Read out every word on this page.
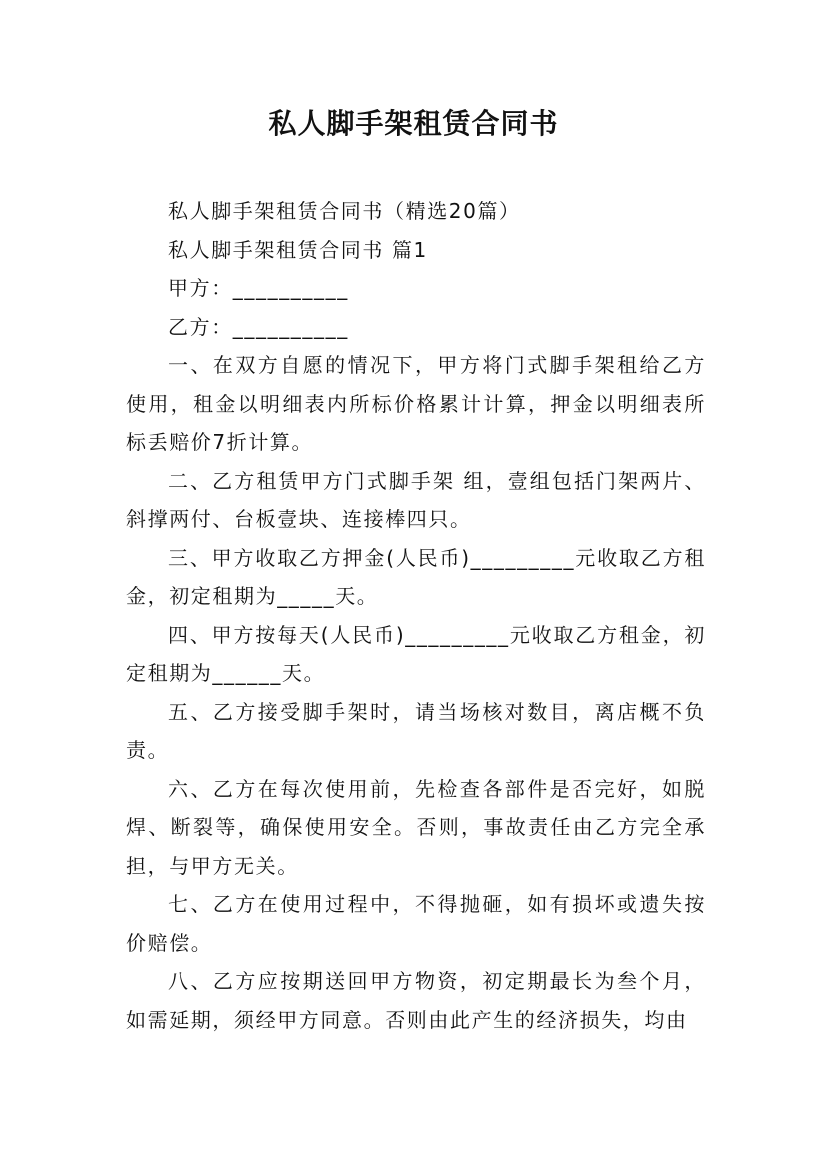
私人脚手架租赁合同书

私人脚手架租赁合同书（精选20篇）

私人脚手架租赁合同书 篇1

甲方：__________

乙方：__________

一、在双方自愿的情况下，甲方将门式脚手架租给乙方使用，租金以明细表内所标价格累计计算，押金以明细表所标丢赔价7折计算。

二、乙方租赁甲方门式脚手架 组，壹组包括门架两片、斜撑两付、台板壹块、连接棒四只。

三、甲方收取乙方押金(人民币)_________元收取乙方租金，初定租期为_____天。

四、甲方按每天(人民币)_________元收取乙方租金，初定租期为______天。

五、乙方接受脚手架时，请当场核对数目，离店概不负责。

六、乙方在每次使用前，先检查各部件是否完好，如脱焊、断裂等，确保使用安全。否则，事故责任由乙方完全承担，与甲方无关。

七、乙方在使用过程中，不得抛砸，如有损坏或遗失按价赔偿。

八、乙方应按期送回甲方物资，初定期最长为叁个月，如需延期，须经甲方同意。否则由此产生的经济损失，均由
